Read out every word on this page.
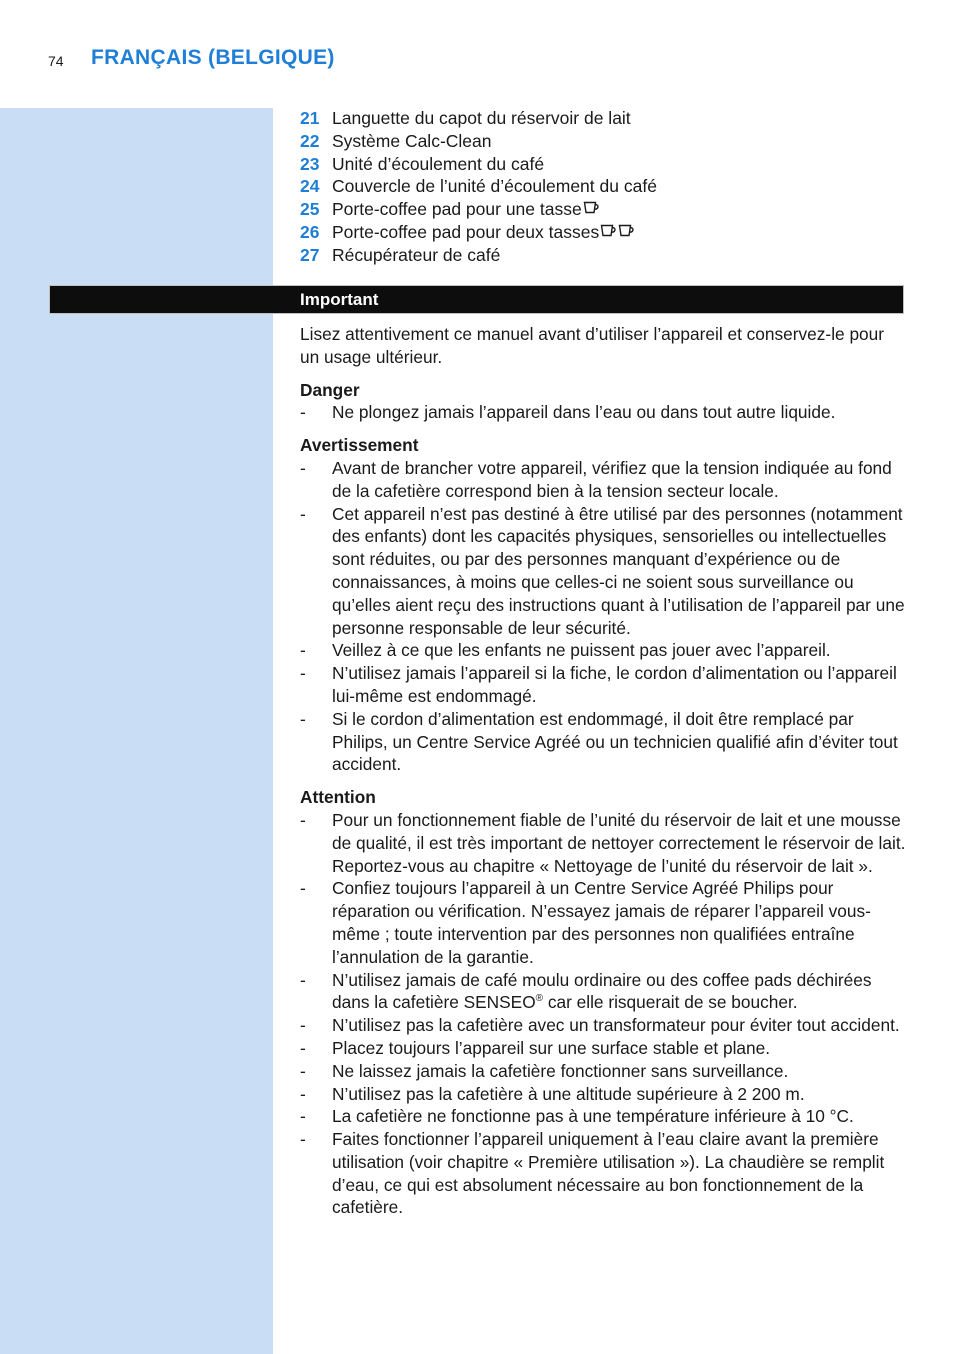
74 FRANÇAIS (BELGIQUE)
21 Languette du capot du réservoir de lait
22 Système Calc-Clean
23 Unité d’écoulement du café
24 Couvercle de l’unité d’écoulement du café
25 Porte-coffee pad pour une tasse
26 Porte-coffee pad pour deux tasses
27 Récupérateur de café
Important

Lisez attentivement ce manuel avant d’utiliser l’appareil et conservez-le pour un usage ultérieur.

Danger

-	Ne plongez jamais l’appareil dans l’eau ou dans tout autre liquide.

Avertissement

-	Avant de brancher votre appareil, vérifiez que la tension indiquée au fond de la cafetière correspond bien à la tension secteur locale.
-	Cet appareil n’est pas destiné à être utilisé par des personnes (notamment des enfants) dont les capacités physiques, sensorielles ou intellectuelles sont réduites, ou par des personnes manquant d’expérience ou de connaissances, à moins que celles-ci ne soient sous surveillance ou qu’elles aient reçu des instructions quant à l’utilisation de l’appareil par une personne responsable de leur sécurité.
-	Veillez à ce que les enfants ne puissent pas jouer avec l’appareil.
-	N’utilisez jamais l’appareil si la fiche, le cordon d’alimentation ou l’appareil lui-même est endommagé.
-	Si le cordon d’alimentation est endommagé, il doit être remplacé par Philips, un Centre Service Agréé ou un technicien qualifié afin d’éviter tout accident.

Attention

-	Pour un fonctionnement fiable de l’unité du réservoir de lait et une mousse de qualité, il est très important de nettoyer correctement le réservoir de lait. Reportez-vous au chapitre « Nettoyage de l’unité du réservoir de lait ».
-	Confiez toujours l’appareil à un Centre Service Agréé Philips pour réparation ou vérification. N’essayez jamais de réparer l’appareil vous-même ; toute intervention par des personnes non qualifiées entraîne l’annulation de la garantie.
-	N’utilisez jamais de café moulu ordinaire ou des coffee pads déchirées dans la cafetière SENSEO® car elle risquerait de se boucher.
-	N’utilisez pas la cafetière avec un transformateur pour éviter tout accident.
-	Placez toujours l’appareil sur une surface stable et plane.
-	Ne laissez jamais la cafetière fonctionner sans surveillance.
-	N’utilisez pas la cafetière à une altitude supérieure à 2 200 m.
-	La cafetière ne fonctionne pas à une température inférieure à 10 °C.
-	Faites fonctionner l’appareil uniquement à l’eau claire avant la première utilisation (voir chapitre « Première utilisation »). La chaudière se remplit d’eau, ce qui est absolument nécessaire au bon fonctionnement de la cafetière.
